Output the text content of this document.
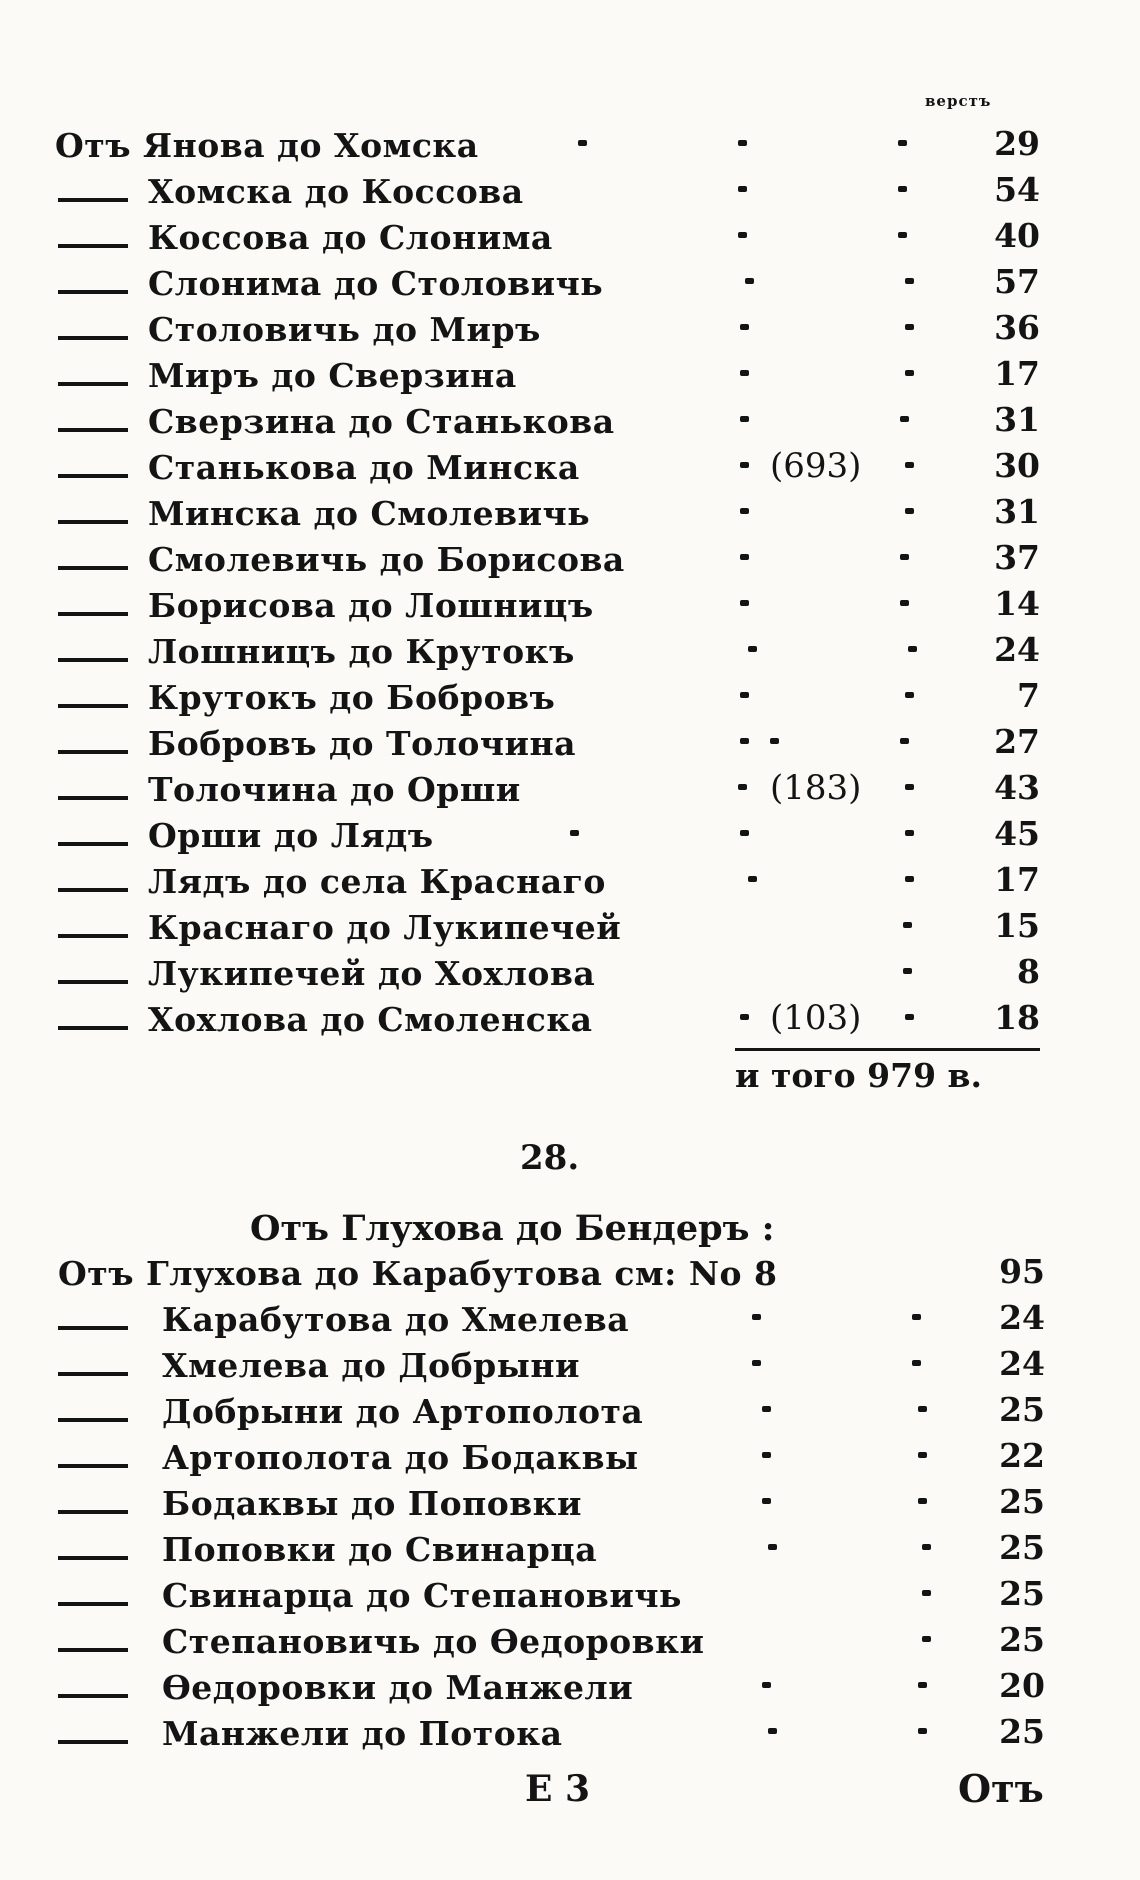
верстъ
Отъ Янова до Хомска	29
Хомска до Коссова	54
Коссова до Слонима	40
Слонима до Столовичь	57
Столовичь до Миръ	36
Миръ до Сверзина	17
Сверзина до Станькова	31
Станькова до Минска	(693)	30
Минска до Смолевичь	31
Смолевичь до Борисова	37
Борисова до Лошницъ	14
Лошницъ до Крутокъ	24
Крутокъ до Бобровъ	7
Бобровъ до Толочина	27
Толочина до Орши	(183)	43
Орши до Лядъ	45
Лядъ до села Краснаго	17
Краснаго до Лукипечей	15
Лукипечей до Хохлова	8
Хохлова до Смоленска	(103)	18
и того 979 в.
28.
Отъ Глухова до Бендеръ :
Отъ Глухова до Карабутова см: No 8	95
Карабутова до Хмелева	24
Хмелева до Добрыни	24
Добрыни до Артополота	25
Артополота до Бодаквы	22
Бодаквы до Поповки	25
Поповки до Свинарца	25
Свинарца до Степановичь	25
Степановичь до Өедоровки	25
Өедоровки до Манжели	20
Манжели до Потока	25
Е 3	Отъ
